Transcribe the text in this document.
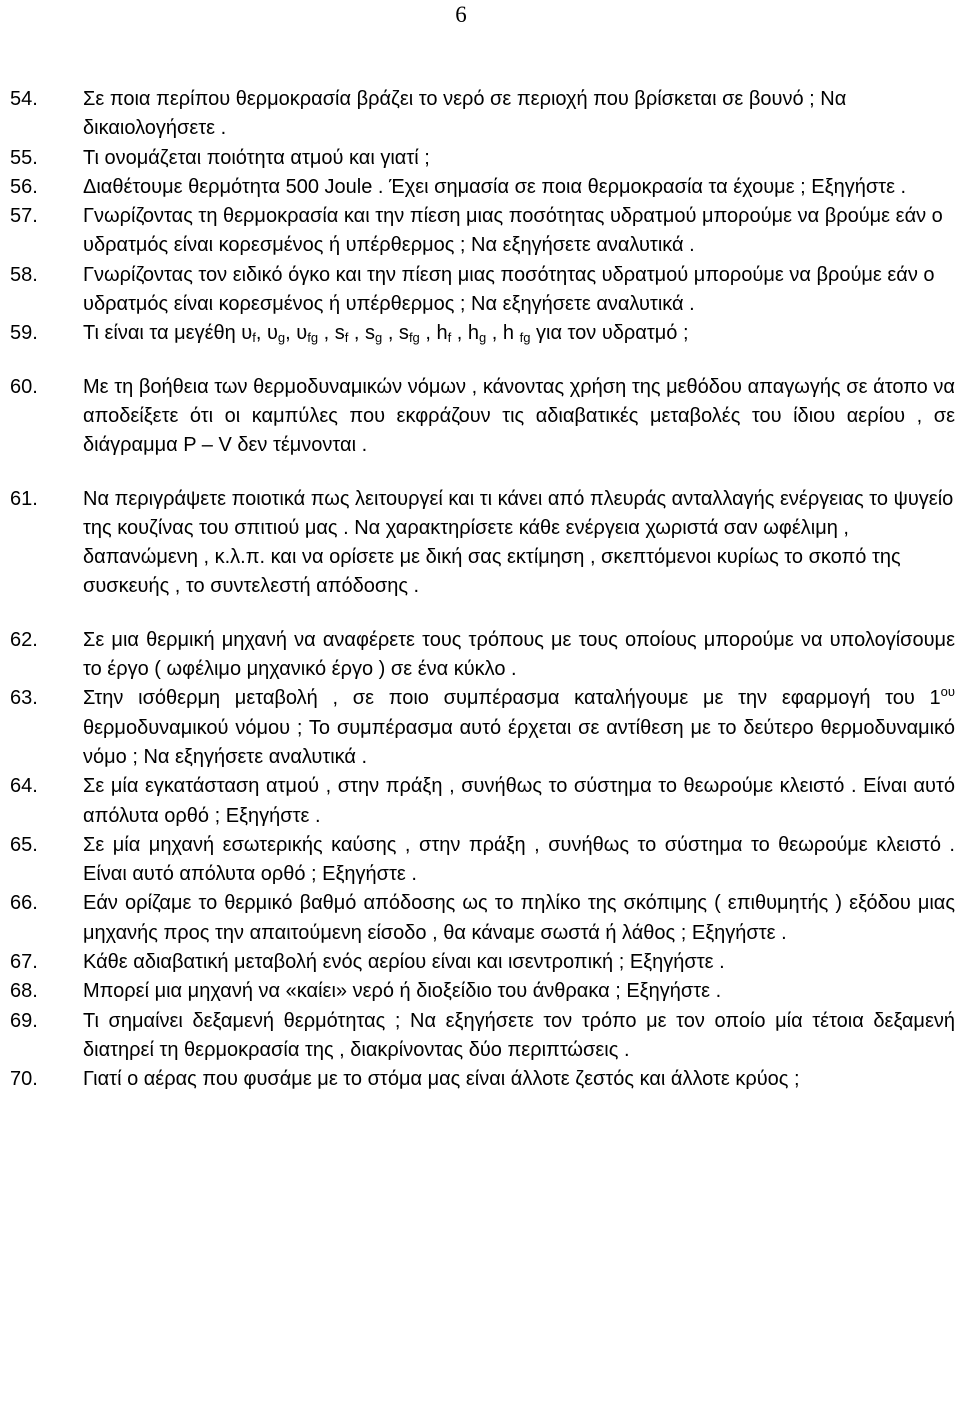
6
54.	Σε ποια περίπου θερμοκρασία βράζει το νερό σε περιοχή που βρίσκεται σε βουνό ; Να δικαιολογήσετε .
55.	Τι ονομάζεται ποιότητα ατμού και γιατί ;
56.	Διαθέτουμε θερμότητα 500 Joule . Έχει σημασία σε ποια θερμοκρασία τα έχουμε ; Εξηγήστε .
57.	Γνωρίζοντας τη θερμοκρασία και την πίεση μιας ποσότητας υδρατμού μπορούμε να βρούμε εάν ο υδρατμός είναι κορεσμένος ή υπέρθερμος ; Να εξηγήσετε αναλυτικά .
58.	Γνωρίζοντας τον ειδικό όγκο και την πίεση μιας ποσότητας υδρατμού μπορούμε να βρούμε εάν ο υδρατμός είναι κορεσμένος ή υπέρθερμος ; Να εξηγήσετε αναλυτικά .
59.	Τι είναι τα μεγέθη $\upsilon_f$, $\upsilon_g$, $\upsilon_{fg}$ , $s_f$ , $s_g$ , $s_{fg}$ , $h_f$ , $h_g$ , h $_{fg}$ για τον υδρατμό ;
60.	Με τη βοήθεια των θερμοδυναμικών νόμων , κάνοντας χρήση της μεθόδου απαγωγής σε άτοπο να αποδείξετε ότι οι καμπύλες που εκφράζουν τις αδιαβατικές μεταβολές του ίδιου αερίου , σε διάγραμμα P – V δεν τέμνονται .
61.	Να περιγράψετε ποιοτικά πως λειτουργεί και τι κάνει από πλευράς ανταλλαγής ενέργειας το ψυγείο της κουζίνας του σπιτιού μας . Να χαρακτηρίσετε κάθε ενέργεια χωριστά σαν ωφέλιμη , δαπανώμενη , κ.λ.π. και να ορίσετε με δική σας εκτίμηση , σκεπτόμενοι κυρίως το σκοπό της συσκευής , το συντελεστή απόδοσης .
62.	Σε μια θερμική μηχανή να αναφέρετε τους τρόπους με τους οποίους μπορούμε να υπολογίσουμε το έργο ( ωφέλιμο μηχανικό έργο ) σε ένα κύκλο .
63.	Στην ισόθερμη μεταβολή , σε ποιο συμπέρασμα καταλήγουμε με την εφαρμογή του $1^{o\upsilon}$ θερμοδυναμικού νόμου ; Το συμπέρασμα αυτό έρχεται σε αντίθεση με το δεύτερο θερμοδυναμικό νόμο ; Να εξηγήσετε αναλυτικά .
64.	Σε μία εγκατάσταση ατμού , στην πράξη , συνήθως το σύστημα το θεωρούμε κλειστό . Είναι αυτό απόλυτα ορθό ; Εξηγήστε .
65.	Σε μία μηχανή εσωτερικής καύσης , στην πράξη , συνήθως το σύστημα το θεωρούμε κλειστό . Είναι αυτό απόλυτα ορθό ; Εξηγήστε .
66.	Εάν ορίζαμε το θερμικό βαθμό απόδοσης ως το πηλίκο της σκόπιμης ( επιθυμητής ) εξόδου μιας μηχανής προς την απαιτούμενη είσοδο , θα κάναμε σωστά ή λάθος ; Εξηγήστε .
67.	Κάθε αδιαβατική μεταβολή ενός αερίου είναι και ισεντροπική ; Εξηγήστε .
68.	Μπορεί μια μηχανή να «καίει» νερό ή διοξείδιο του άνθρακα ; Εξηγήστε .
69.	Τι σημαίνει δεξαμενή θερμότητας ; Να εξηγήσετε τον τρόπο με τον οποίο μία τέτοια δεξαμενή διατηρεί τη θερμοκρασία της , διακρίνοντας δύο περιπτώσεις .
70.	Γιατί ο αέρας που φυσάμε με το στόμα μας είναι άλλοτε ζεστός και άλλοτε κρύος ;
